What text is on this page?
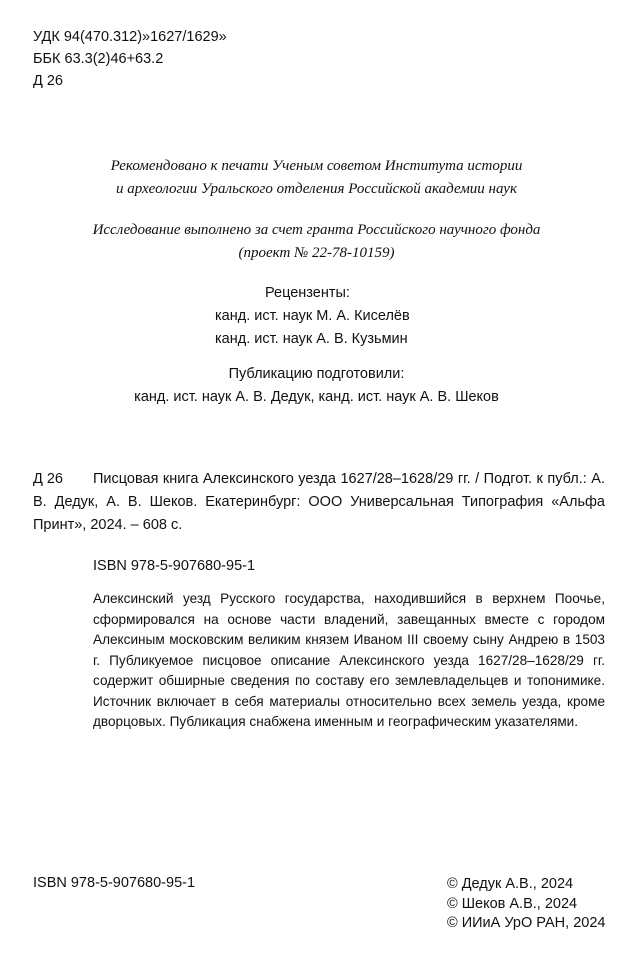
УДК 94(470.312)»1627/1629»
ББК 63.3(2)46+63.2
Д 26
Рекомендовано к печати Ученым советом Института истории
и археологии Уральского отделения Российской академии наук
Исследование выполнено за счет гранта Российского научного фонда
(проект № 22-78-10159)
Рецензенты:
канд. ист. наук М. А. Киселёв
канд. ист. наук А. В. Кузьмин
Публикацию подготовили:
канд. ист. наук А. В. Дедук, канд. ист. наук А. В. Шеков
Д 26 Писцовая книга Алексинского уезда 1627/28–1628/29 гг. / Подгот. к публ.: А. В. Дедук, А. В. Шеков. Екатеринбург: ООО Универсальная Типография «Альфа Принт», 2024. – 608 с.
ISBN 978-5-907680-95-1
Алексинский уезд Русского государства, находившийся в верхнем Поочье, сформировался на основе части владений, завещанных вместе с городом Алексиным московским великим князем Иваном III своему сыну Андрею в 1503 г. Публикуемое писцовое описание Алексинского уезда 1627/28–1628/29 гг. содержит обширные сведения по составу его землевладельцев и топонимике. Источник включает в себя материалы относительно всех земель уезда, кроме дворцовых. Публикация снабжена именным и географическим указателями.
ISBN 978-5-907680-95-1	© Дедук А.В., 2024
© Шеков А.В., 2024
© ИИиА УрО РАН, 2024
